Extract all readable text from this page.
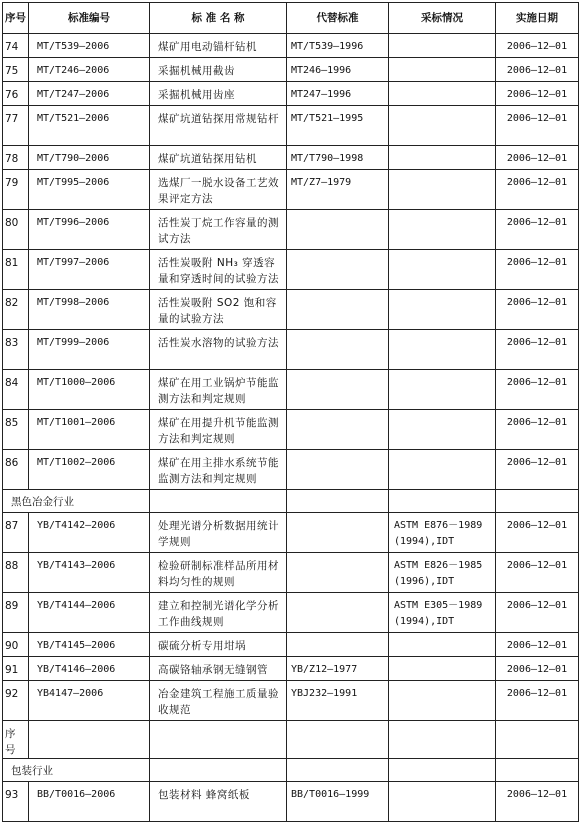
序号	标准编号	标 准 名 称	代替标准	采标情况	实施日期
74	MT/T539—2006	煤矿用电动锚杆钻机	MT/T539—1996		2006—12—01
75	MT/T246—2006	采掘机械用截齿	MT246—1996		2006—12—01
76	MT/T247—2006	采掘机械用齿座	MT247—1996		2006—12—01
77	MT/T521—2006	煤矿坑道钻探用常规钻杆	MT/T521—1995		2006—12—01
78	MT/T790—2006	煤矿坑道钻探用钻机	MT/T790—1998		2006—12—01
79	MT/T995—2006	选煤厂一脱水设备工艺效果评定方法	MT/Z7—1979		2006—12—01
80	MT/T996—2006	活性炭丁烷工作容量的测试方法			2006—12—01
81	MT/T997—2006	活性炭吸附 NH₃ 穿透容量和穿透时间的试验方法			2006—12—01
82	MT/T998—2006	活性炭吸附 SO2 饱和容量的试验方法			2006—12—01
83	MT/T999—2006	活性炭水溶物的试验方法			2006—12—01
84	MT/T1000—2006	煤矿在用工业锅炉节能监测方法和判定规则			2006—12—01
85	MT/T1001—2006	煤矿在用提升机节能监测方法和判定规则			2006—12—01
86	MT/T1002—2006	煤矿在用主排水系统节能监测方法和判定规则			2006—12—01
黑色冶金行业					
87	YB/T4142—2006	处理光谱分析数据用统计学规则		ASTM E876－1989 (1994),IDT	2006—12—01
88	YB/T4143—2006	检验研制标准样品所用材料均匀性的规则		ASTM E826－1985 (1996),IDT	2006—12—01
89	YB/T4144—2006	建立和控制光谱化学分析工作曲线规则		ASTM E305－1989 (1994),IDT	2006—12—01
90	YB/T4145—2006	碳硫分析专用坩埚			2006—12—01
91	YB/T4146—2006	高碳铬轴承钢无缝钢管	YB/Z12—1977		2006—12—01
92	YB4147—2006	冶金建筑工程施工质量验收规范	YBJ232—1991		2006—12—01
序号					
包装行业					
93	BB/T0016—2006	包装材料 蜂窝纸板	BB/T0016—1999		2006—12—01
